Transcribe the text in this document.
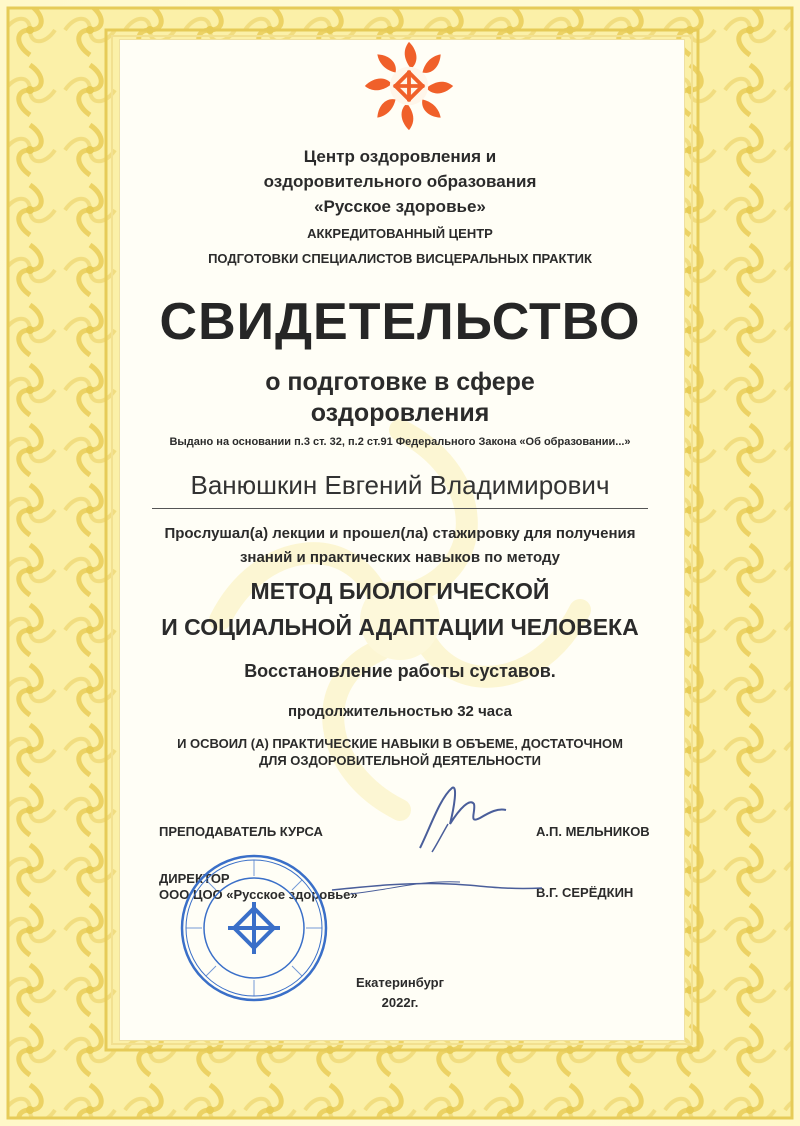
Центр оздоровления и
оздоровительного образования
«Русское здоровье»
АККРЕДИТОВАННЫЙ ЦЕНТР
ПОДГОТОВКИ СПЕЦИАЛИСТОВ ВИСЦЕРАЛЬНЫХ ПРАКТИК
СВИДЕТЕЛЬСТВО
о подготовке в сфере
оздоровления
Выдано на основании п.3 ст. 32, п.2 ст.91 Федерального Закона «Об образовании...»
Ванюшкин Евгений Владимирович
Прослушал(а) лекции и прошел(ла) стажировку для получения
знаний и практических навыков по методу
МЕТОД БИОЛОГИЧЕСКОЙ
И СОЦИАЛЬНОЙ АДАПТАЦИИ ЧЕЛОВЕКА
Восстановление работы суставов.
продолжительностью 32 часа
И ОСВОИЛ (А) ПРАКТИЧЕСКИЕ НАВЫКИ В ОБЪЕМЕ, ДОСТАТОЧНОМ
ДЛЯ ОЗДОРОВИТЕЛЬНОЙ ДЕЯТЕЛЬНОСТИ
ПРЕПОДАВАТЕЛЬ КУРСА	А.П. МЕЛЬНИКОВ
ДИРЕКТОР
ООО ЦОО «Русское здоровье»	В.Г. СЕРЁДКИН
Екатеринбург
2022г.
